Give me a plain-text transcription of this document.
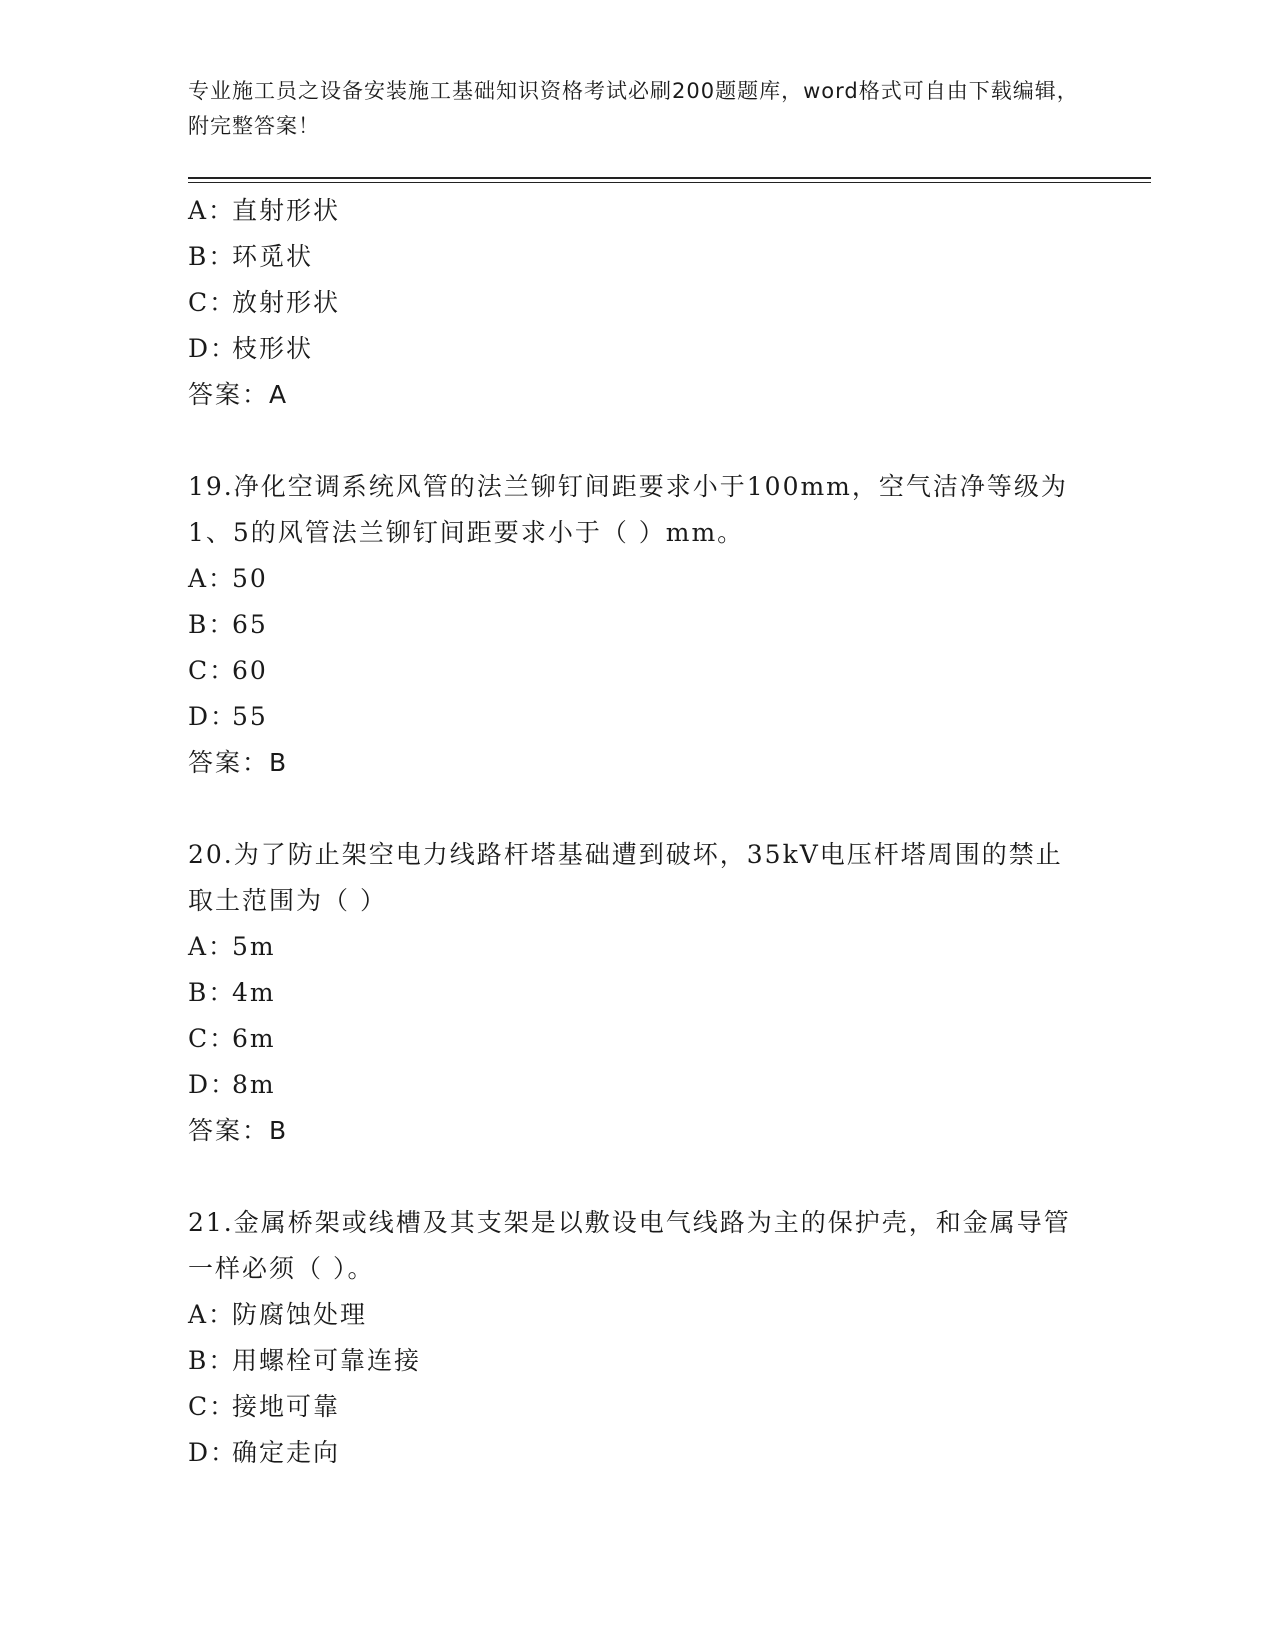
专业施工员之设备安装施工基础知识资格考试必刷200题题库，word格式可自由下载编辑，附完整答案！
A：直射形状
B：环觅状
C：放射形状
D：枝形状
答案：A
19.净化空调系统风管的法兰铆钉间距要求小于100mm，空气洁净等级为1、5的风管法兰铆钉间距要求小于（ ）mm。
A：50
B：65
C：60
D：55
答案：B
20.为了防止架空电力线路杆塔基础遭到破坏，35kV电压杆塔周围的禁止取土范围为（ ）
A：5m
B：4m
C：6m
D：8m
答案：B
21.金属桥架或线槽及其支架是以敷设电气线路为主的保护壳，和金属导管一样必须（ ）。
A：防腐蚀处理
B：用螺栓可靠连接
C：接地可靠
D：确定走向
